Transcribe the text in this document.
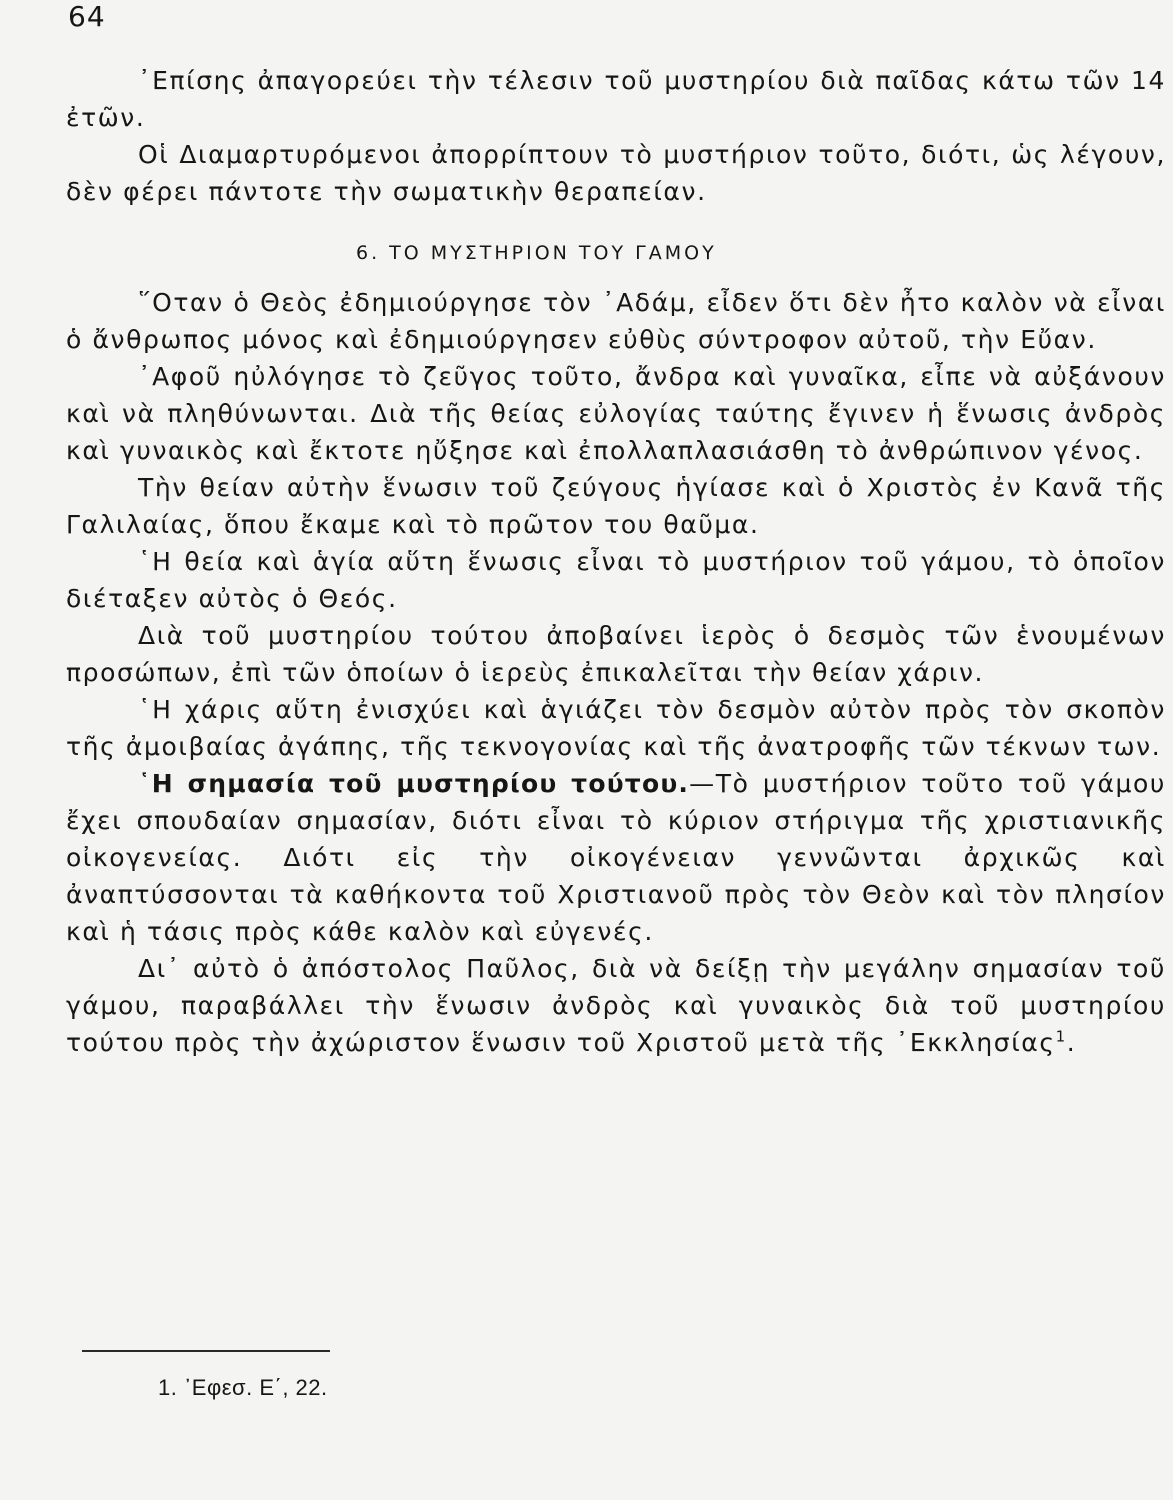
64

᾿Επίσης ἀπαγορεύει τὴν τέλεσιν τοῦ μυστηρίου διὰ παῖδας κάτω τῶν 14 ἐτῶν.

Οἱ Διαμαρτυρόμενοι ἀπορρίπτουν τὸ μυστήριον τοῦτο, διότι, ὡς λέγουν, δὲν φέρει πάντοτε τὴν σωματικὴν θεραπείαν.

6. ΤΟ ΜΥΣΤΗΡΙΟΝ ΤΟΥ ΓΑΜΟΥ

῞Οταν ὁ Θεὸς ἐδημιούργησε τὸν ᾿Αδάμ, εἶδεν ὅτι δὲν ἦτο καλὸν νὰ εἶναι ὁ ἄνθρωπος μόνος καὶ ἐδημιούργησεν εὐθὺς σύντροφον αὐτοῦ, τὴν Εὔαν.

᾿Αφοῦ ηὐλόγησε τὸ ζεῦγος τοῦτο, ἄνδρα καὶ γυναῖκα, εἶπε νὰ αὐξάνουν καὶ νὰ πληθύνωνται. Διὰ τῆς θείας εὐλογίας ταύτης ἔγινεν ἡ ἕνωσις ἀνδρὸς καὶ γυναικὸς καὶ ἔκτοτε ηὔξησε καὶ ἐπολλαπλασιάσθη τὸ ἀνθρώπινον γένος.

Τὴν θείαν αὐτὴν ἕνωσιν τοῦ ζεύγους ἡγίασε καὶ ὁ Χριστὸς ἐν Κανᾶ τῆς Γαλιλαίας, ὅπου ἔκαμε καὶ τὸ πρῶτον του θαῦμα.

῾Η θεία καὶ ἁγία αὕτη ἕνωσις εἶναι τὸ μυστήριον τοῦ γάμου, τὸ ὁποῖον διέταξεν αὐτὸς ὁ Θεός.

Διὰ τοῦ μυστηρίου τούτου ἀποβαίνει ἱερὸς ὁ δεσμὸς τῶν ἑνουμένων προσώπων, ἐπὶ τῶν ὁποίων ὁ ἱερεὺς ἐπικαλεῖται τὴν θείαν χάριν.

῾Η χάρις αὕτη ἐνισχύει καὶ ἁγιάζει τὸν δεσμὸν αὐτὸν πρὸς τὸν σκοπὸν τῆς ἀμοιβαίας ἀγάπης, τῆς τεκνογονίας καὶ τῆς ἀνατροφῆς τῶν τέκνων των.

῾Η σημασία τοῦ μυστηρίου τούτου.—Τὸ μυστήριον τοῦτο τοῦ γάμου ἔχει σπουδαίαν σημασίαν, διότι εἶναι τὸ κύριον στήριγμα τῆς χριστιανικῆς οἰκογενείας. Διότι εἰς τὴν οἰκογένειαν γεννῶνται ἀρχικῶς καὶ ἀναπτύσσονται τὰ καθήκοντα τοῦ Χριστιανοῦ πρὸς τὸν Θεὸν καὶ τὸν πλησίον καὶ ἡ τάσις πρὸς κάθε καλὸν καὶ εὐγενές.

Δι᾿ αὐτὸ ὁ ἀπόστολος Παῦλος, διὰ νὰ δείξῃ τὴν μεγάλην σημασίαν τοῦ γάμου, παραβάλλει τὴν ἕνωσιν ἀνδρὸς καὶ γυναικὸς διὰ τοῦ μυστηρίου τούτου πρὸς τὴν ἀχώριστον ἕνωσιν τοῦ Χριστοῦ μετὰ τῆς ᾿Εκκλησίας$^1$.

1. ᾿Εφεσ. Ε΄, 22.
